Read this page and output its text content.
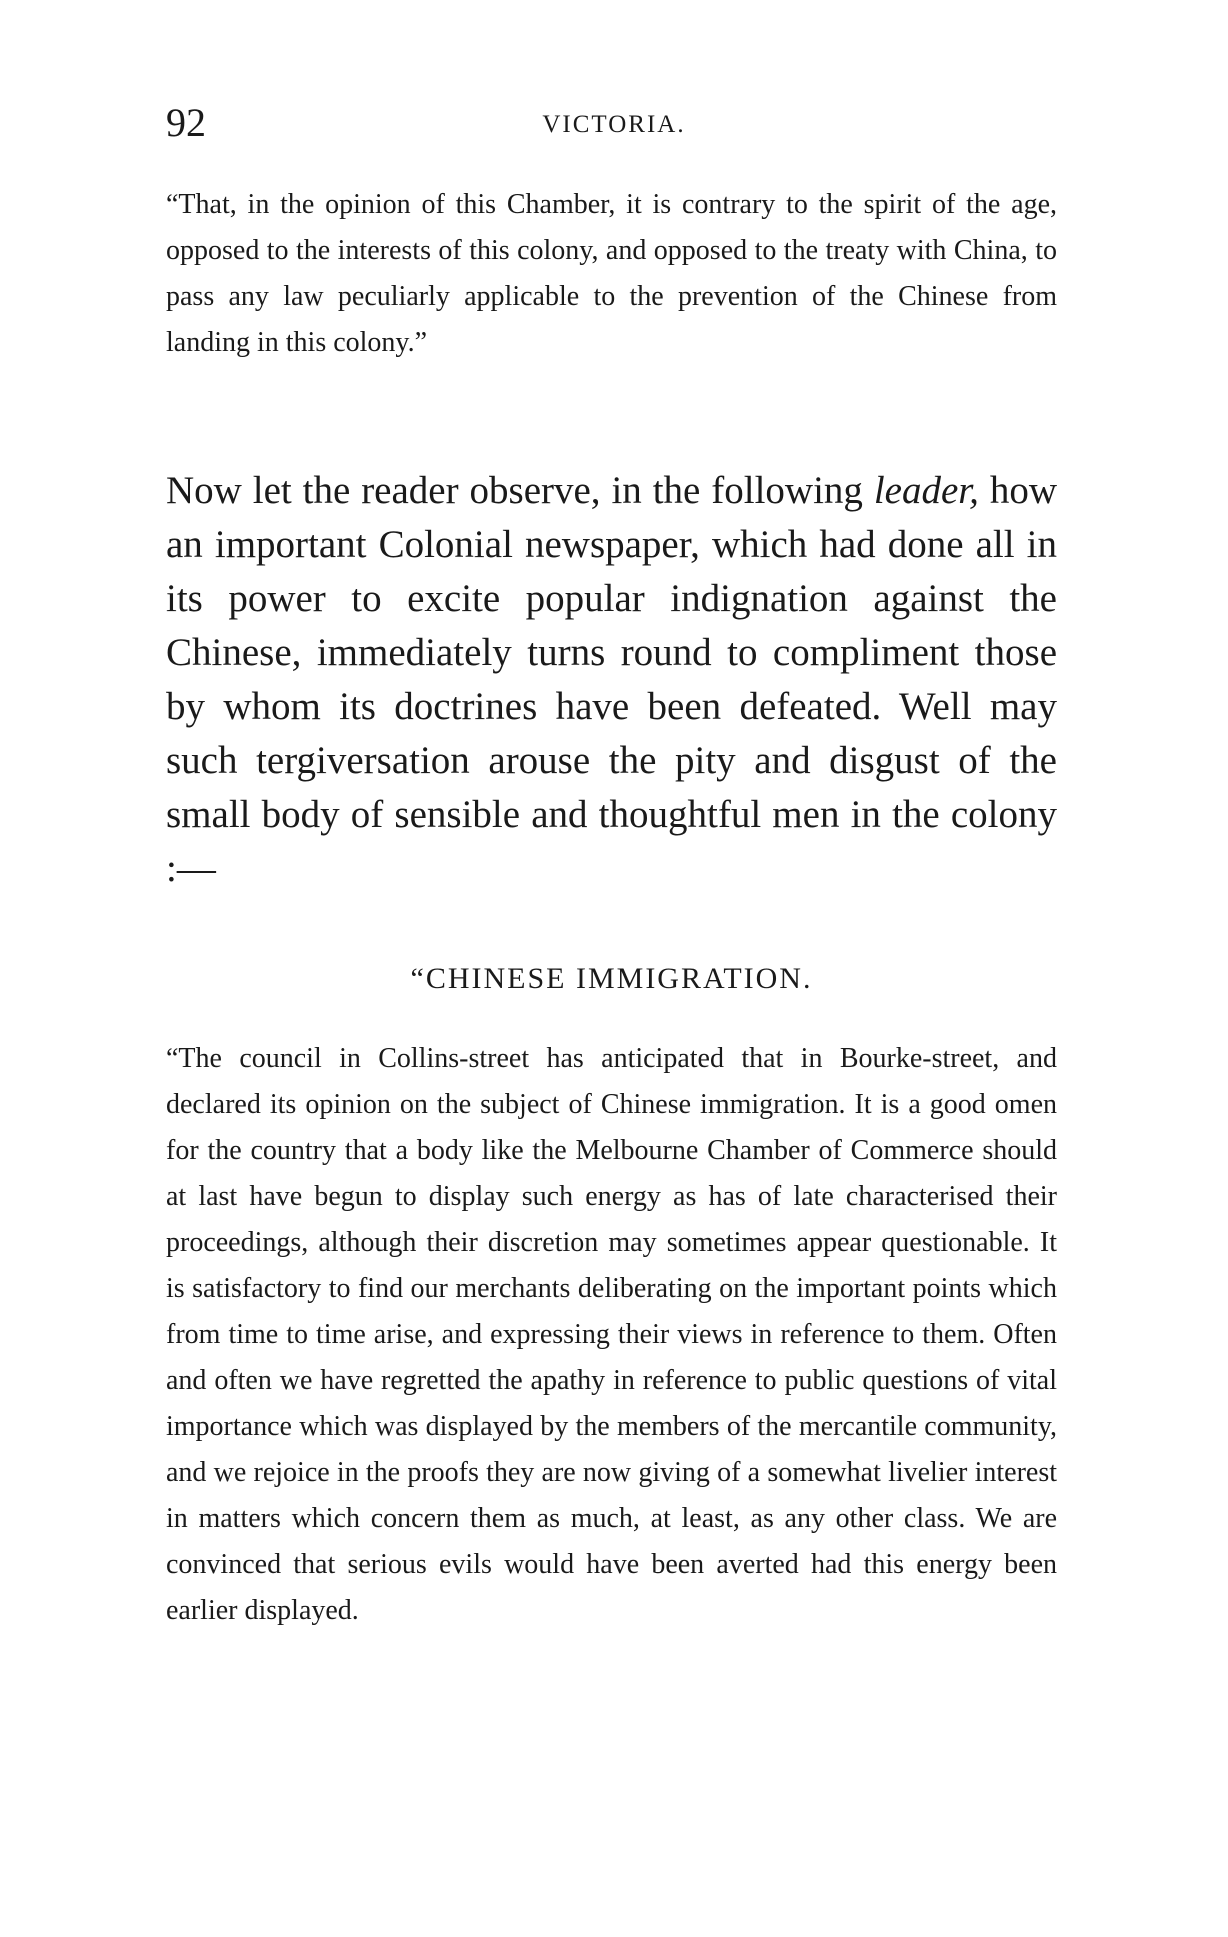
92	VICTORIA.

“That, in the opinion of this Chamber, it is contrary to the spirit of the age, opposed to the interests of this colony, and opposed to the treaty with China, to pass any law peculiarly applicable to the prevention of the Chinese from landing in this colony.”

Now let the reader observe, in the following leader, how an important Colonial newspaper, which had done all in its power to excite popular indignation against the Chinese, immediately turns round to compliment those by whom its doctrines have been defeated. Well may such tergiversation arouse the pity and disgust of the small body of sensible and thoughtful men in the colony :—

“CHINESE IMMIGRATION.

“The council in Collins-street has anticipated that in Bourke-street, and declared its opinion on the subject of Chinese immigration. It is a good omen for the country that a body like the Melbourne Chamber of Commerce should at last have begun to display such energy as has of late characterised their proceedings, although their discretion may sometimes appear questionable. It is satisfactory to find our merchants deliberating on the important points which from time to time arise, and expressing their views in reference to them. Often and often we have regretted the apathy in reference to public questions of vital importance which was displayed by the members of the mercantile community, and we rejoice in the proofs they are now giving of a somewhat livelier interest in matters which concern them as much, at least, as any other class. We are convinced that serious evils would have been averted had this energy been earlier displayed.
